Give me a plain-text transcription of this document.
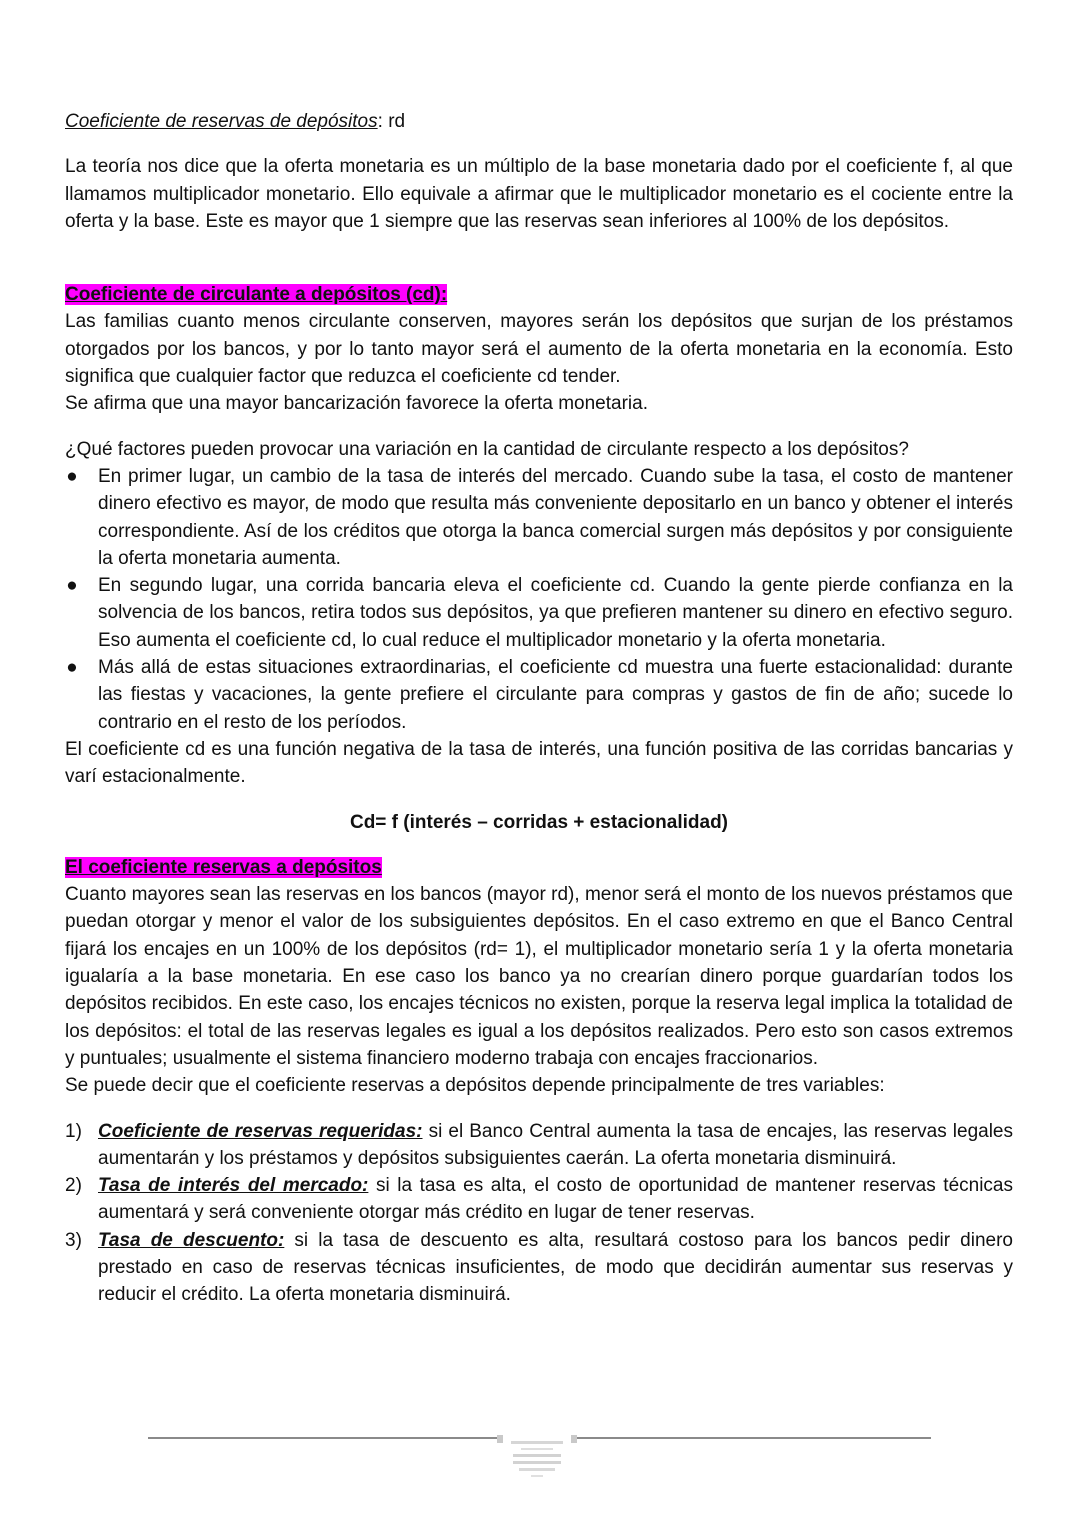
Coeficiente de reservas de depósitos: rd

La teoría nos dice que la oferta monetaria es un múltiplo de la base monetaria dado por el coeficiente f, al que llamamos multiplicador monetario. Ello equivale a afirmar que le multiplicador monetario es el cociente entre la oferta y la base. Este es mayor que 1 siempre que las reservas sean inferiores al 100% de los depósitos.

Coeficiente de circulante a depósitos (cd):

Las familias cuanto menos circulante conserven, mayores serán los depósitos que surjan de los préstamos otorgados por los bancos, y por lo tanto mayor será el aumento de la oferta monetaria en la economía. Esto significa que cualquier factor que reduzca el coeficiente cd tender.

Se afirma que una mayor bancarización favorece la oferta monetaria.

¿Qué factores pueden provocar una variación en la cantidad de circulante respecto a los depósitos?

● En primer lugar, un cambio de la tasa de interés del mercado. Cuando sube la tasa, el costo de mantener dinero efectivo es mayor, de modo que resulta más conveniente depositarlo en un banco y obtener el interés correspondiente. Así de los créditos que otorga la banca comercial surgen más depósitos y por consiguiente la oferta monetaria aumenta.
● En segundo lugar, una corrida bancaria eleva el coeficiente cd. Cuando la gente pierde confianza en la solvencia de los bancos, retira todos sus depósitos, ya que prefieren mantener su dinero en efectivo seguro. Eso aumenta el coeficiente cd, lo cual reduce el multiplicador monetario y la oferta monetaria.
● Más allá de estas situaciones extraordinarias, el coeficiente cd muestra una fuerte estacionalidad: durante las fiestas y vacaciones, la gente prefiere el circulante para compras y gastos de fin de año; sucede lo contrario en el resto de los períodos.

El coeficiente cd es una función negativa de la tasa de interés, una función positiva de las corridas bancarias y varí estacionalmente.

Cd= f (interés – corridas + estacionalidad)

El coeficiente reservas a depósitos

Cuanto mayores sean las reservas en los bancos (mayor rd), menor será el monto de los nuevos préstamos que puedan otorgar y menor el valor de los subsiguientes depósitos. En el caso extremo en que el Banco Central fijará los encajes en un 100% de los depósitos (rd= 1), el multiplicador monetario sería 1 y la oferta monetaria igualaría a la base monetaria. En ese caso los banco ya no crearían dinero porque guardarían todos los depósitos recibidos. En este caso, los encajes técnicos no existen, porque la reserva legal implica la totalidad de los depósitos: el total de las reservas legales es igual a los depósitos realizados. Pero esto son casos extremos y puntuales; usualmente el sistema financiero moderno trabaja con encajes fraccionarios.

Se puede decir que el coeficiente reservas a depósitos depende principalmente de tres variables:

1) Coeficiente de reservas requeridas: si el Banco Central aumenta la tasa de encajes, las reservas legales aumentarán y los préstamos y depósitos subsiguientes caerán. La oferta monetaria disminuirá.
2) Tasa de interés del mercado: si la tasa es alta, el costo de oportunidad de mantener reservas técnicas aumentará y será conveniente otorgar más crédito en lugar de tener reservas.
3) Tasa de descuento: si la tasa de descuento es alta, resultará costoso para los bancos pedir dinero prestado en caso de reservas técnicas insuficientes, de modo que decidirán aumentar sus reservas y reducir el crédito. La oferta monetaria disminuirá.
